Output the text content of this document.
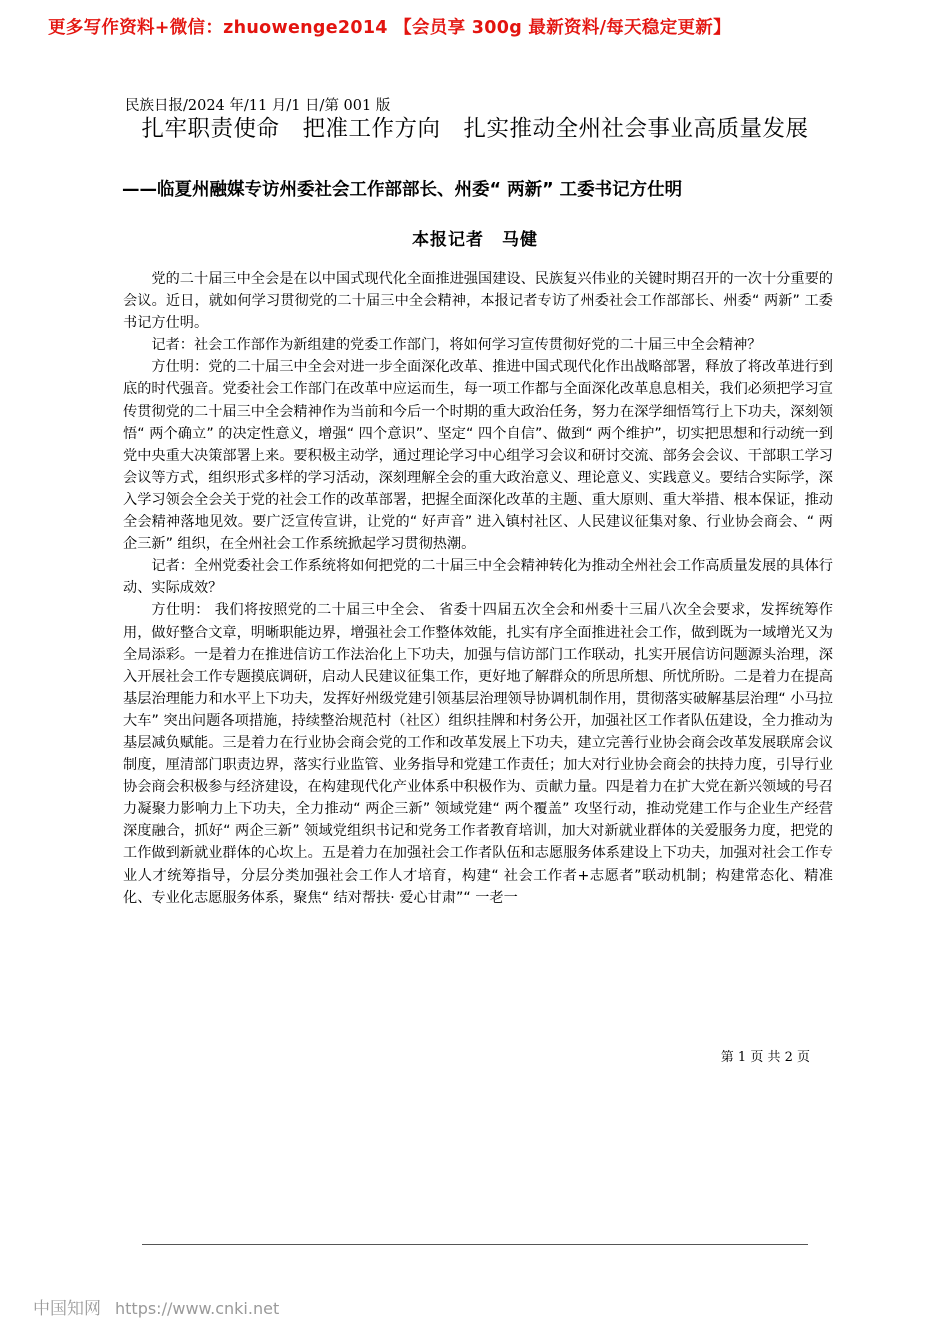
更多写作资料+微信：zhuowenge2014 【会员享 300g 最新资料/每天稳定更新】
民族日报/2024 年/11 月/1 日/第 001 版
扎牢职责使命　把准工作方向　扎实推动全州社会事业高质量发展
——临夏州融媒专访州委社会工作部部长、州委“ 两新” 工委书记方仕明
本报记者　马健

党的二十届三中全会是在以中国式现代化全面推进强国建设、民族复兴伟业的关键时期召开的一次十分重要的会议。近日，就如何学习贯彻党的二十届三中全会精神，本报记者专访了州委社会工作部部长、州委“ 两新” 工委书记方仕明。

记者：社会工作部作为新组建的党委工作部门，将如何学习宣传贯彻好党的二十届三中全会精神？

方仕明：党的二十届三中全会对进一步全面深化改革、推进中国式现代化作出战略部署，释放了将改革进行到底的时代强音。党委社会工作部门在改革中应运而生，每一项工作都与全面深化改革息息相关，我们必须把学习宣传贯彻党的二十届三中全会精神作为当前和今后一个时期的重大政治任务，努力在深学细悟笃行上下功夫，深刻领悟“ 两个确立” 的决定性意义，增强“ 四个意识”、坚定“ 四个自信”、做到“ 两个维护”，切实把思想和行动统一到党中央重大决策部署上来。要积极主动学，通过理论学习中心组学习会议和研讨交流、部务会会议、干部职工学习会议等方式，组织形式多样的学习活动，深刻理解全会的重大政治意义、理论意义、实践意义。要结合实际学，深入学习领会全会关于党的社会工作的改革部署，把握全面深化改革的主题、重大原则、重大举措、根本保证，推动全会精神落地见效。要广泛宣传宣讲，让党的“ 好声音” 进入镇村社区、人民建议征集对象、行业协会商会、“ 两企三新” 组织，在全州社会工作系统掀起学习贯彻热潮。

记者：全州党委社会工作系统将如何把党的二十届三中全会精神转化为推动全州社会工作高质量发展的具体行动、实际成效？

方仕明： 我们将按照党的二十届三中全会、 省委十四届五次全会和州委十三届八次全会要求，发挥统筹作用，做好整合文章，明晰职能边界，增强社会工作整体效能，扎实有序全面推进社会工作，做到既为一域增光又为全局添彩。一是着力在推进信访工作法治化上下功夫，加强与信访部门工作联动，扎实开展信访问题源头治理，深入开展社会工作专题摸底调研，启动人民建议征集工作，更好地了解群众的所思所想、所忧所盼。二是着力在提高基层治理能力和水平上下功夫，发挥好州级党建引领基层治理领导协调机制作用，贯彻落实破解基层治理“ 小马拉大车” 突出问题各项措施，持续整治规范村（社区）组织挂牌和村务公开，加强社区工作者队伍建设，全力推动为基层减负赋能。三是着力在行业协会商会党的工作和改革发展上下功夫，建立完善行业协会商会改革发展联席会议制度，厘清部门职责边界，落实行业监管、业务指导和党建工作责任；加大对行业协会商会的扶持力度，引导行业协会商会积极参与经济建设，在构建现代化产业体系中积极作为、贡献力量。四是着力在扩大党在新兴领域的号召力凝聚力影响力上下功夫，全力推动“ 两企三新” 领域党建“ 两个覆盖” 攻坚行动，推动党建工作与企业生产经营深度融合，抓好“ 两企三新” 领域党组织书记和党务工作者教育培训，加大对新就业群体的关爱服务力度，把党的工作做到新就业群体的心坎上。五是着力在加强社会工作者队伍和志愿服务体系建设上下功夫，加强对社会工作专业人才统筹指导，分层分类加强社会工作人才培育，构建“ 社会工作者+志愿者”联动机制；构建常态化、精准化、专业化志愿服务体系，聚焦“ 结对帮扶· 爱心甘肃”“ 一老一

第 1 页 共 2 页
中国知网 https://www.cnki.net
